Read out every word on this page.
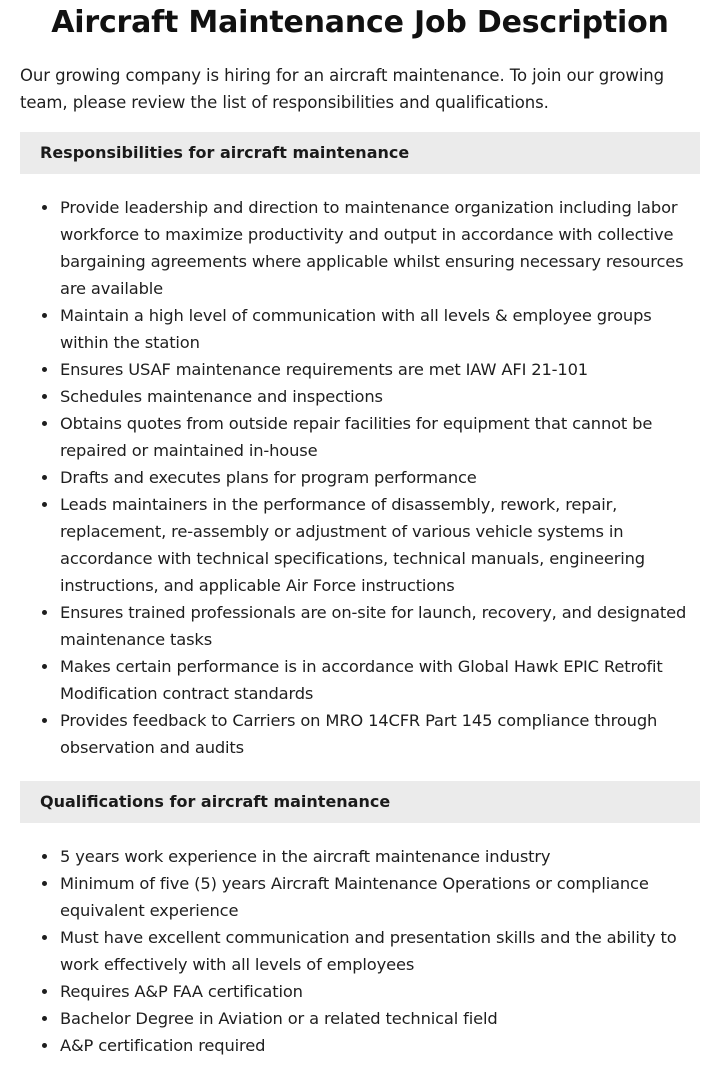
Aircraft Maintenance Job Description

Our growing company is hiring for an aircraft maintenance. To join our growing team, please review the list of responsibilities and qualifications.

Responsibilities for aircraft maintenance
Provide leadership and direction to maintenance organization including labor workforce to maximize productivity and output in accordance with collective bargaining agreements where applicable whilst ensuring necessary resources are available
Maintain a high level of communication with all levels & employee groups within the station
Ensures USAF maintenance requirements are met IAW AFI 21-101
Schedules maintenance and inspections
Obtains quotes from outside repair facilities for equipment that cannot be repaired or maintained in-house
Drafts and executes plans for program performance
Leads maintainers in the performance of disassembly, rework, repair, replacement, re-assembly or adjustment of various vehicle systems in accordance with technical specifications, technical manuals, engineering instructions, and applicable Air Force instructions
Ensures trained professionals are on-site for launch, recovery, and designated maintenance tasks
Makes certain performance is in accordance with Global Hawk EPIC Retrofit Modification contract standards
Provides feedback to Carriers on MRO 14CFR Part 145 compliance through observation and audits
Qualifications for aircraft maintenance
5 years work experience in the aircraft maintenance industry
Minimum of five (5) years Aircraft Maintenance Operations or compliance equivalent experience
Must have excellent communication and presentation skills and the ability to work effectively with all levels of employees
Requires A&P FAA certification
Bachelor Degree in Aviation or a related technical field
A&P certification required
